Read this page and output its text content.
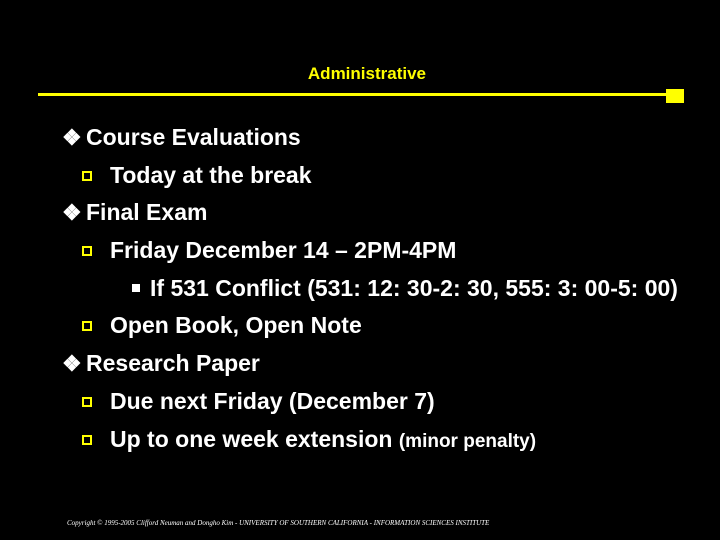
Administrative
❖ Course Evaluations
Today at the break
❖ Final Exam
Friday December 14 – 2PM-4PM
If 531 Conflict (531: 12: 30-2: 30, 555: 3: 00-5: 00)
Open Book, Open Note
❖ Research Paper
Due next Friday (December 7)
Up to one week extension (minor penalty)
Copyright © 1995-2005 Clifford Neuman and Dongho Kim - UNIVERSITY OF SOUTHERN CALIFORNIA - INFORMATION SCIENCES INSTITUTE
